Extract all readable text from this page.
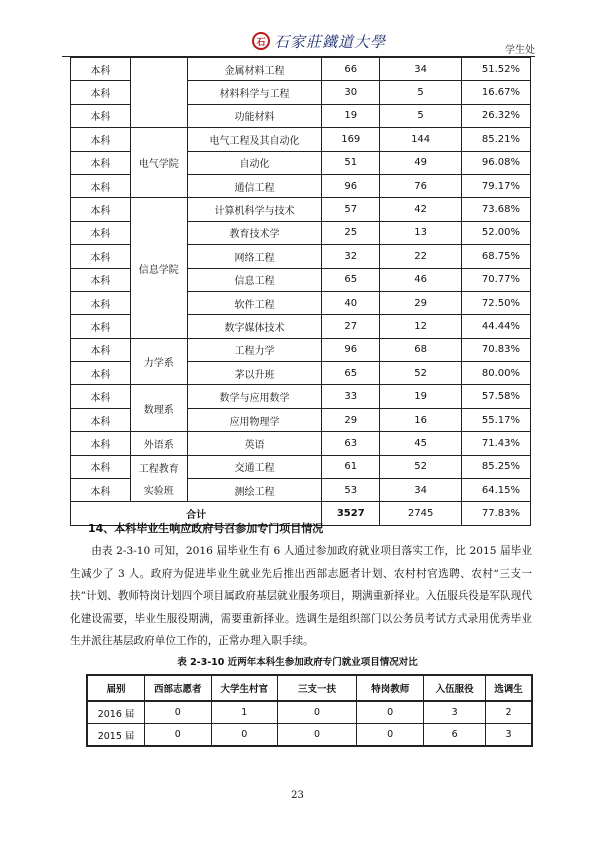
石 石家莊鐵道大學	学生处
本科		金属材料工程	66	34	51.52%
本科		材料科学与工程	30	5	16.67%
本科		功能材料	19	5	26.32%
本科	电气学院	电气工程及其自动化	169	144	85.21%
本科		自动化	51	49	96.08%
本科		通信工程	96	76	79.17%
本科	信息学院	计算机科学与技术	57	42	73.68%
本科		教育技术学	25	13	52.00%
本科		网络工程	32	22	68.75%
本科		信息工程	65	46	70.77%
本科		软件工程	40	29	72.50%
本科		数字媒体技术	27	12	44.44%
本科	力学系	工程力学	96	68	70.83%
本科		茅以升班	65	52	80.00%
本科	数理系	数学与应用数学	33	19	57.58%
本科		应用物理学	29	16	55.17%
本科	外语系	英语	63	45	71.43%
本科	工程教育	交通工程	61	52	85.25%
本科	实验班	测绘工程	53	34	64.15%
合计			3527	2745	77.83%
14、本科毕业生响应政府号召参加专门项目情况

由表 2-3-10 可知，2016 届毕业生有 6 人通过参加政府就业项目落实工作，比 2015 届毕业生减少了 3 人。政府为促进毕业生就业先后推出西部志愿者计划、农村村官选聘、农村“三支一扶”计划、教师特岗计划四个项目属政府基层就业服务项目，期满重新择业。入伍服兵役是军队现代化建设需要，毕业生服役期满，需要重新择业。选调生是组织部门以公务员考试方式录用优秀毕业生并派往基层政府单位工作的，正常办理入职手续。

表 2-3-10 近两年本科生参加政府专门就业项目情况对比
届别	西部志愿者	大学生村官	三支一扶	特岗教师	入伍服役	选调生
2016 届	0	1	0	0	3	2
2015 届	0	0	0	0	6	3
23
